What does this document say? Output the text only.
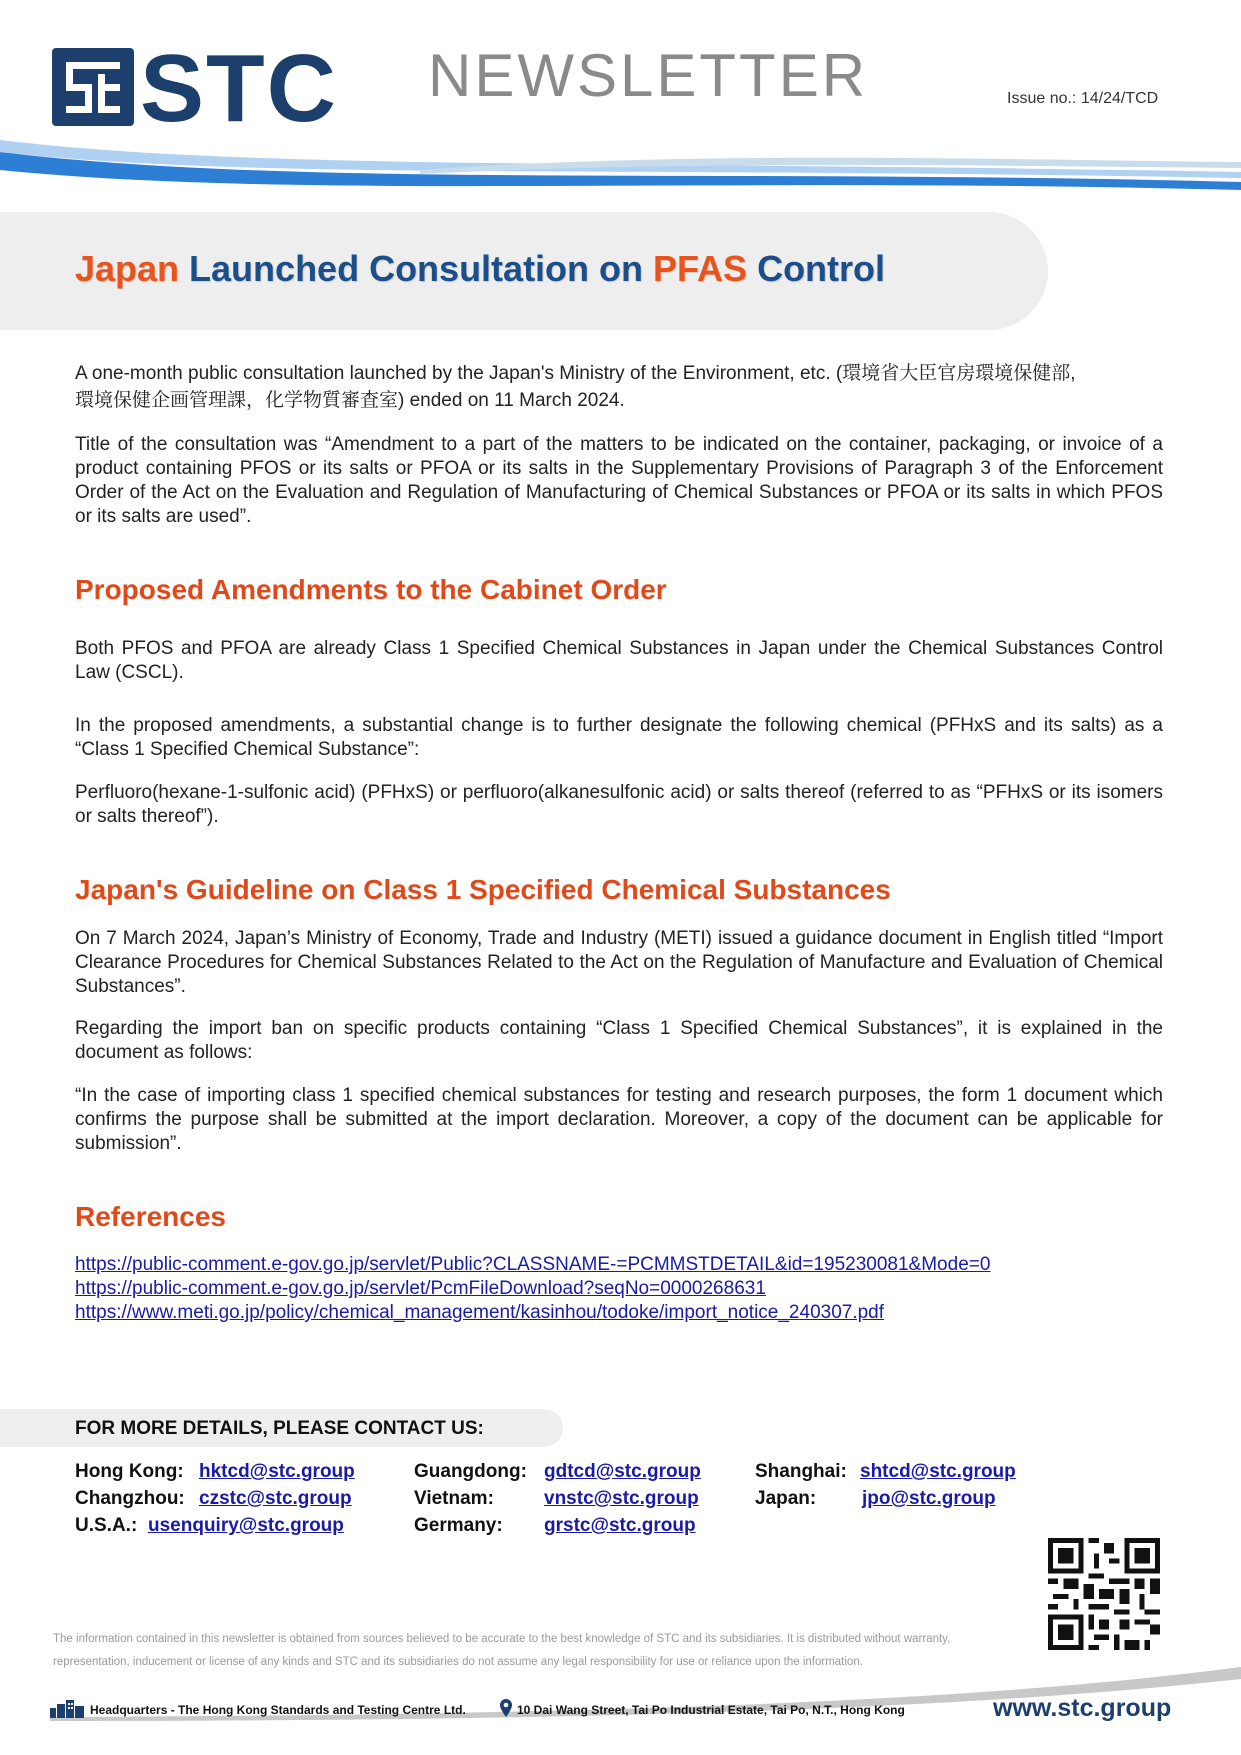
STC NEWSLETTER	Issue no.: 14/24/TCD
Japan Launched Consultation on PFAS Control
A one-month public consultation launched by the Japan's Ministry of the Environment, etc. (環境省大臣官房環境保健部,
環境保健企画管理課，化学物質審査室) ended on 11 March 2024.
Title of the consultation was “Amendment to a part of the matters to be indicated on the container, packaging, or invoice of a product containing PFOS or its salts or PFOA or its salts in the Supplementary Provisions of Paragraph 3 of the Enforcement Order of the Act on the Evaluation and Regulation of Manufacturing of Chemical Substances or PFOA or its salts in which PFOS or its salts are used”.
Proposed Amendments to the Cabinet Order
Both PFOS and PFOA are already Class 1 Specified Chemical Substances in Japan under the Chemical Substances Control Law (CSCL).
In the proposed amendments, a substantial change is to further designate the following chemical (PFHxS and its salts) as a “Class 1 Specified Chemical Substance”:
Perfluoro(hexane-1-sulfonic acid) (PFHxS) or perfluoro(alkanesulfonic acid) or salts thereof (referred to as “PFHxS or its isomers or salts thereof”).
Japan's Guideline on Class 1 Specified Chemical Substances
On 7 March 2024, Japan’s Ministry of Economy, Trade and Industry (METI) issued a guidance document in English titled “Import Clearance Procedures for Chemical Substances Related to the Act on the Regulation of Manufacture and Evaluation of Chemical Substances”.
Regarding the import ban on specific products containing “Class 1 Specified Chemical Substances”, it is explained in the document as follows:
“In the case of importing class 1 specified chemical substances for testing and research purposes, the form 1 document which confirms the purpose shall be submitted at the import declaration. Moreover, a copy of the document can be applicable for submission”.
References
https://public-comment.e-gov.go.jp/servlet/Public?CLASSNAME-=PCMMSTDETAIL&id=195230081&Mode=0
https://public-comment.e-gov.go.jp/servlet/PcmFileDownload?seqNo=0000268631
https://www.meti.go.jp/policy/chemical_management/kasinhou/todoke/import_notice_240307.pdf
FOR MORE DETAILS, PLEASE CONTACT US:
Hong Kong: hktcd@stc.group	Guangdong: gdtcd@stc.group	Shanghai: shtcd@stc.group
Changzhou: czstc@stc.group	Vietnam:	vnstc@stc.group	Japan: jpo@stc.group
U.S.A.: usenquiry@stc.group	Germany: grstc@stc.group
The information contained in this newsletter is obtained from sources believed to be accurate to the best knowledge of STC and its subsidiaries. It is distributed without warranty, representation, inducement or license of any kinds and STC and its subsidiaries do not assume any legal responsibility for use or reliance upon the information.
Headquarters - The Hong Kong Standards and Testing Centre Ltd.	10 Dai Wang Street, Tai Po Industrial Estate, Tai Po, N.T., Hong Kong	www.stc.group
